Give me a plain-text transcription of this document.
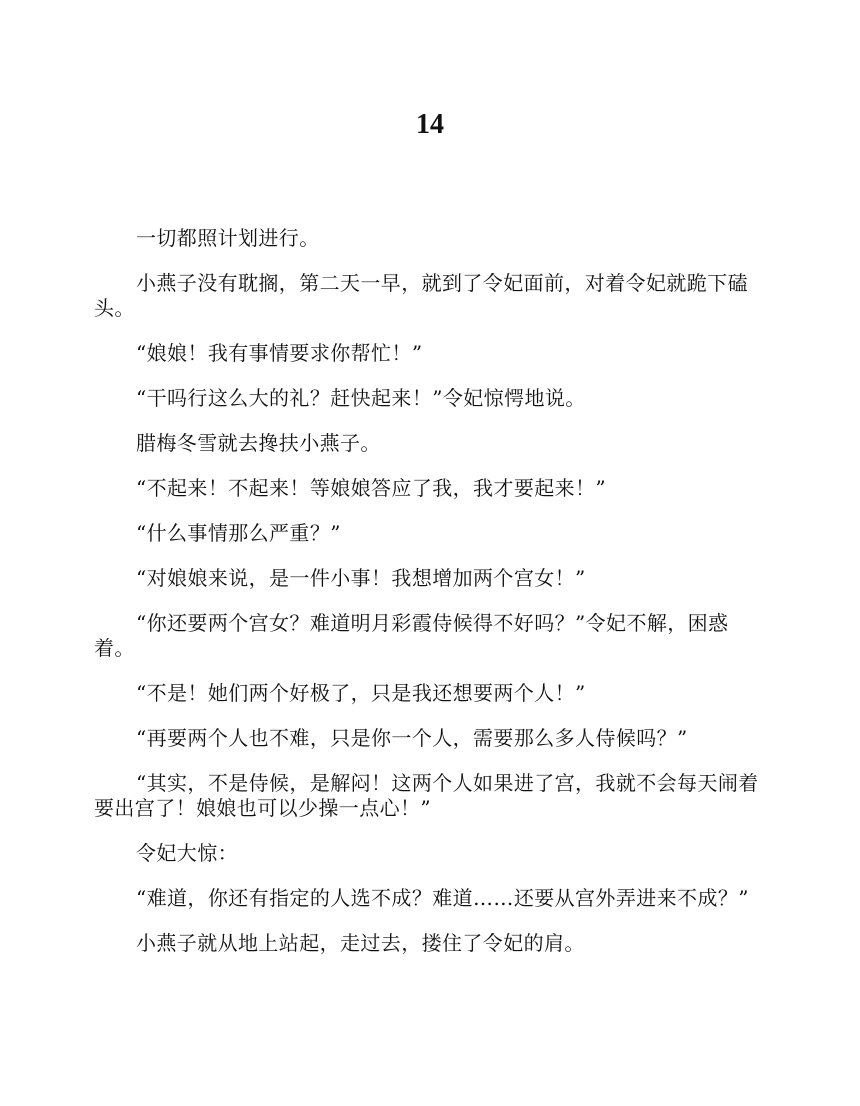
14

一切都照计划进行。

小燕子没有耽搁，第二天一早，就到了令妃面前，对着令妃就跪下磕头。

“娘娘！我有事情要求你帮忙！”

“干吗行这么大的礼？赶快起来！”令妃惊愕地说。

腊梅冬雪就去搀扶小燕子。

“不起来！不起来！等娘娘答应了我，我才要起来！”

“什么事情那么严重？”

“对娘娘来说，是一件小事！我想增加两个宫女！”

“你还要两个宫女？难道明月彩霞侍候得不好吗？”令妃不解，困惑着。

“不是！她们两个好极了，只是我还想要两个人！”

“再要两个人也不难，只是你一个人，需要那么多人侍候吗？”

“其实，不是侍候，是解闷！这两个人如果进了宫，我就不会每天闹着要出宫了！娘娘也可以少操一点心！”

令妃大惊：

“难道，你还有指定的人选不成？难道……还要从宫外弄进来不成？”

小燕子就从地上站起，走过去，搂住了令妃的肩。
